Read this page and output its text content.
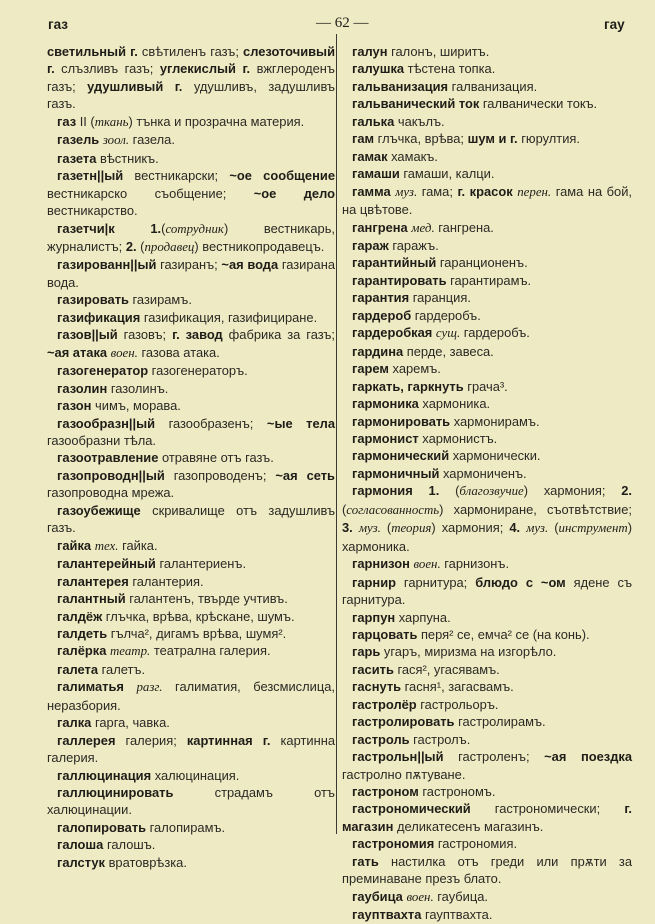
газ	— 62 —	гау
светильный г. свѣтиленъ газъ; слезоточивый г. слъзливъ газъ; углекислый г. вжглероденъ газъ; удушливый г. удушливъ, задушливъ газъ.
газ II (ткань) тънка и прозрачна материя.
газель зоол. газела.
газета вѣстникъ.
газетн||ый вестникарски; ~ое сообщение вестникарско съобщение; ~ое дело вестникарство.
газетчи|к	1.(сотрудник) вестникарь, журналистъ; 2. (продавец) вестникопродавецъ.
газированн||ый газиранъ; ~ая вода газирана вода.
газировать газирамъ.
газификация газификация, газифициране.
газов||ый газовъ; г. завод фабрика за газъ; ~ая атака воен. газова атака.
газогенератор газогенераторъ.
газолин газолинъ.
газон чимъ, морава.
газообразн||ый газообразенъ; ~ые тела газообразни тѣла.
газоотравление отравяне отъ газъ.
газопроводн||ый газопроводенъ; ~ая сеть газопроводна мрежа.
газоубежище скривалище отъ задушливъ газъ.
гайка тех. гайка.
галантерейный галантериенъ.
галантерея галантерия.
галантный галантенъ, твърде учтивъ.
галдёж глъчка, врѣва, крѣскане, шумъ.
галдеть гълча², дигамъ врѣва, шумя².
галёрка театр. театрална галерия.
галета галетъ.
галиматья разг. галиматия, безсмислица, неразбория.
галка гарга, чавка.
галлерея галерия; картинная г. картинна галерия.
галлюцинация халюцинация.
галлюцинировать страдамъ отъ халюцинации.
галопировать галопирамъ.
галоша галошъ.
галстук вратоврѣзка.
галун галонъ, ширитъ.
галушка тѣстена топка.
гальванизация галванизация.
гальванический ток галванически токъ.
галька чакълъ.
гам глъчка, врѣва; шум и г. гюрултия.
гамак хамакъ.
гамаши гамаши, калци.
гамма муз. гама; г. красок перен. гама на бой, на цвѣтове.
гангрена мед. гангрена.
гараж гаражъ.
гарантийный гаранционенъ.
гарантировать гарантирамъ.
гарантия гаранция.
гардероб гардеробъ.
гардеробкая сущ. гардеробъ.
гардина перде, завеса.
гарем харемъ.
гаркать, гаркнуть грача³.
гармоника хармоника.
гармонировать хармонирамъ.
гармонист хармонистъ.
гармонический хармонически.
гармоничный хармониченъ.
гармония 1. (благозвучие) хармония; 2. (согласованность) хармониране, съотвѣтствие; 3. муз. (теория) хармония; 4. муз. (инструмент) хармоника.
гарнизон воен. гарнизонъ.
гарнир гарнитура; блюдо с ~ом ядене съ гарнитура.
гарпун харпуна.
гарцовать перя² се, емча² се (на конь).
гарь угаръ, миризма на изгорѣло.
гасить гася², угасявамъ.
гаснуть гасня¹, загасвамъ.
гастролёр гастрольоръ.
гастролировать гастролирамъ.
гастроль гастролъ.
гастрольн||ый гастроленъ; ~ая поездка гастролно пѫтуване.
гастроном гастрономъ.
гастрономический гастрономически; г. магазин деликатесенъ магазинъ.
гастрономия гастрономия.
гать настилка отъ греди или прѫти за преминаване презъ блато.
гаубица воен. гаубица.
гауптвахта гауптвахта.
